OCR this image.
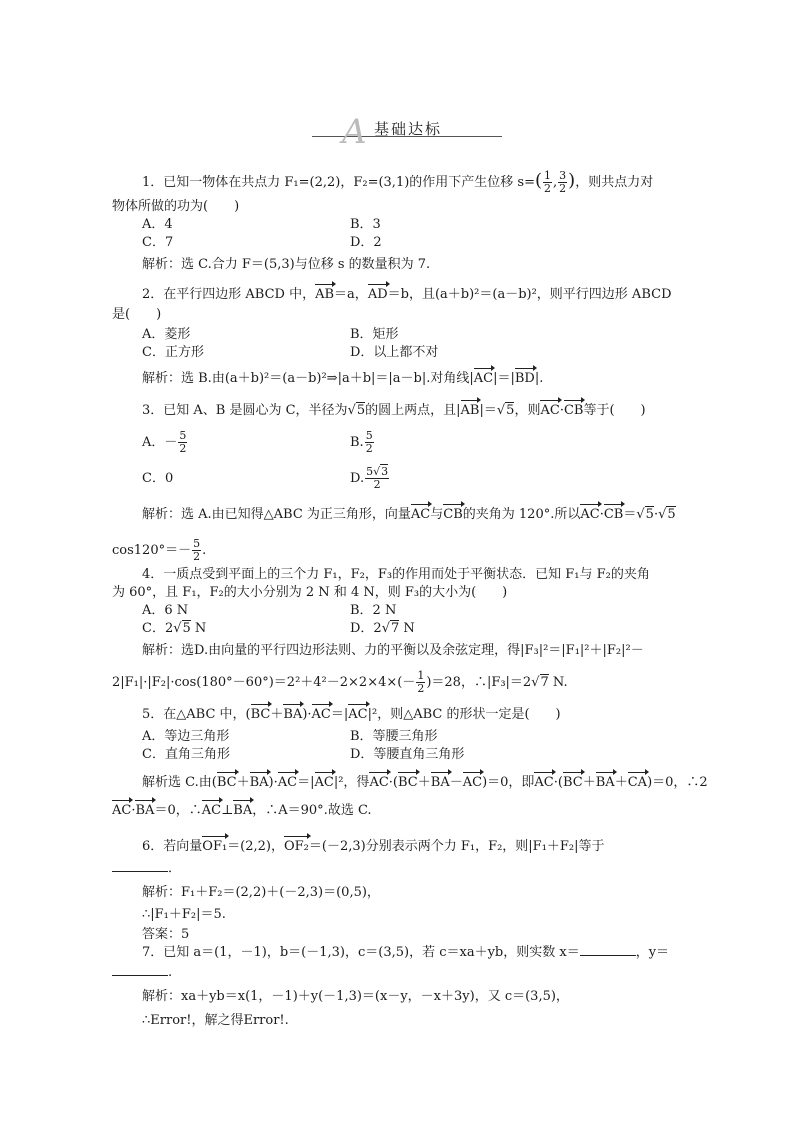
A 基础达标
1．已知一物体在共点力 F₁=(2,2)，F₂=(3,1)的作用下产生位移 $s=( \frac{1}{2}$ , $\frac{3}{2}$ )，则共点力对
物体所做的功为(　　)
A．4	B．3
C．7	D．2
解析：选 C.合力 F＝(5,3)与位移 s 的数量积为 7.
2．在平行四边形 ABCD 中，AB＝a，AD＝b，且(a＋b)²＝(a－b)²，则平行四边形 ABCD
是(　　)
A．菱形	B．矩形
C．正方形	D．以上都不对
解析：选 B.由(a＋b)²＝(a－b)²⇒|a＋b|＝|a－b|.对角线|AC|＝|BD|.
3．已知 A、B 是圆心为 C，半径为√5的圆上两点，且|AB|＝√5，则AC·CB等于(　　)
A．－ $\frac{5}{2}$	B. $\frac{5}{2}$
C．0	D. $\frac{5√3}{2}$
解析：选 A.由已知得△ABC 为正三角形，向量AC与CB的夹角为 120°.所以AC·CB＝√5·√5
$\cos 120^\circ=- \frac{5}{2}$ .
4．一质点受到平面上的三个力 F₁，F₂，F₃的作用而处于平衡状态．已知 F₁与 F₂的夹角
为 60°，且 F₁，F₂的大小分别为 2 N 和 4 N，则 F₃的大小为(　　)
A．6 N	B．2 N
C．2√5 N	D．2√7 N
解析：选D.由向量的平行四边形法则、力的平衡以及余弦定理，得|F₃|²＝|F₁|²＋|F₂|²－
$2|F_1|\cdot|F_2|\cdot\cos(180^\circ-60^\circ)=2^2+4^2-2\times 2\times 4\times(- \frac{1}{2} )=28$，∴|F₃|＝2√7 N.
5．在△ABC 中，(BC＋BA)·AC＝|AC|²，则△ABC 的形状一定是(　　)
A．等边三角形	B．等腰三角形
C．直角三角形	D．等腰直角三角形
解析选 C.由(BC＋BA)·AC＝|AC|²，得AC·(BC＋BA－AC)＝0，即AC·(BC＋BA＋CA)＝0，∴2
AC·BA＝0，∴AC⊥BA，∴A＝90°.故选 C.
6．若向量OF₁＝(2,2)，OF₂＝(－2,3)分别表示两个力 F₁，F₂，则|F₁＋F₂|等于
．
解析：F₁＋F₂＝(2,2)＋(－2,3)＝(0,5)，
∴|F₁＋F₂|＝5.
答案：5
7．已知 a＝(1，－1)，b＝(－1,3)，c＝(3,5)，若 c＝xa＋yb，则实数 x＝	，y＝
.
解析：xa＋yb＝x(1，－1)＋y(－1,3)＝(x－y，－x＋3y)，又 c＝(3,5)，
∴Error!，解之得Error!.
